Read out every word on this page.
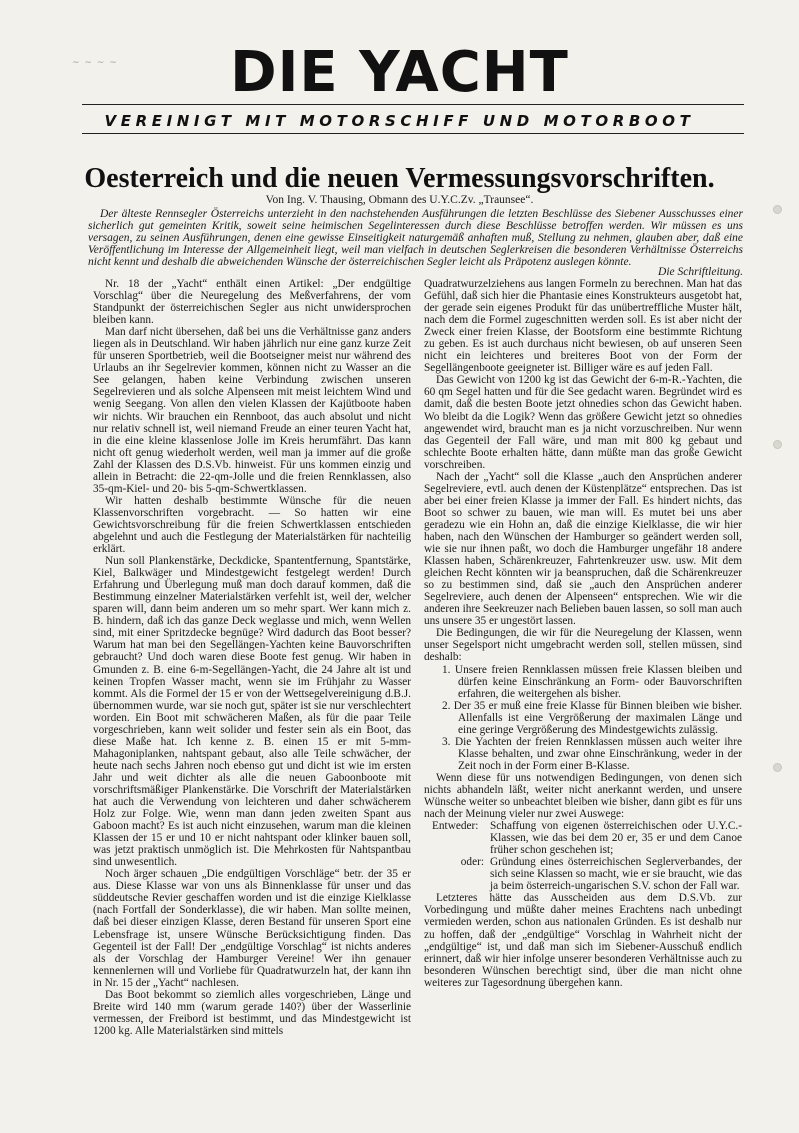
~ ~ ~ ~	DIE YACHT
VEREINIGT MIT MOTORSCHIFF UND MOTORBOOT
Oesterreich und die neuen Vermessungsvorschriften.
Von Ing. V. Thausing, Obmann des U.Y.C.Zv. „Traunsee“.

Der älteste Rennsegler Österreichs unterzieht in den nachstehenden Ausführungen die letzten Beschlüsse des Siebener Ausschusses einer sicherlich gut gemeinten Kritik, soweit seine heimischen Segelinteressen durch diese Beschlüsse betroffen werden. Wir müssen es uns versagen, zu seinen Ausführungen, denen eine gewisse Einseitigkeit naturgemäß anhaften muß, Stellung zu nehmen, glauben aber, daß eine Veröffentlichung im Interesse der Allgemeinheit liegt, weil man vielfach in deutschen Seglerkreisen die besonderen Verhältnisse Österreichs nicht kennt und deshalb die abweichenden Wünsche der österreichischen Segler leicht als Präpotenz auslegen könnte.

Die Schriftleitung.

Nr. 18 der „Yacht“ enthält einen Artikel: „Der endgültige Vorschlag“ über die Neuregelung des Meßverfahrens, der vom Standpunkt der österreichischen Segler aus nicht unwidersprochen bleiben kann.

Man darf nicht übersehen, daß bei uns die Verhältnisse ganz anders liegen als in Deutschland. Wir haben jährlich nur eine ganz kurze Zeit für unseren Sportbetrieb, weil die Bootseigner meist nur während des Urlaubs an ihr Segelrevier kommen, können nicht zu Wasser an die See gelangen, haben keine Verbindung zwischen unseren Segelrevieren und als solche Alpenseen mit meist leichtem Wind und wenig Seegang. Von allen den vielen Klassen der Kajütboote haben wir nichts. Wir brauchen ein Rennboot, das auch absolut und nicht nur relativ schnell ist, weil niemand Freude an einer teuren Yacht hat, in die eine kleine klassenlose Jolle im Kreis herumfährt. Das kann nicht oft genug wiederholt werden, weil man ja immer auf die große Zahl der Klassen des D.S.Vb. hinweist. Für uns kommen einzig und allein in Betracht: die 22-qm-Jolle und die freien Rennklassen, also 35-qm-Kiel- und 20- bis 5-qm-Schwertklassen.

Wir hatten deshalb bestimmte Wünsche für die neuen Klassenvorschriften vorgebracht. — So hatten wir eine Gewichtsvorschreibung für die freien Schwertklassen entschieden abgelehnt und auch die Festlegung der Materialstärken für nachteilig erklärt.

Nun soll Plankenstärke, Deckdicke, Spantentfernung, Spantstärke, Kiel, Balkwäger und Mindestgewicht festgelegt werden! Durch Erfahrung und Überlegung muß man doch darauf kommen, daß die Bestimmung einzelner Materialstärken verfehlt ist, weil der, welcher sparen will, dann beim anderen um so mehr spart. Wer kann mich z. B. hindern, daß ich das ganze Deck weglasse und mich, wenn Wellen sind, mit einer Spritzdecke begnüge? Wird dadurch das Boot besser? Warum hat man bei den Segellängen-Yachten keine Bauvorschriften gebraucht? Und doch waren diese Boote fest genug. Wir haben in Gmunden z. B. eine 6-m-Segellängen-Yacht, die 24 Jahre alt ist und keinen Tropfen Wasser macht, wenn sie im Frühjahr zu Wasser kommt. Als die Formel der 15 er von der Wettsegelvereinigung d.B.J. übernommen wurde, war sie noch gut, später ist sie nur verschlechtert worden. Ein Boot mit schwächeren Maßen, als für die paar Teile vorgeschrieben, kann weit solider und fester sein als ein Boot, das diese Maße hat. Ich kenne z. B. einen 15 er mit 5-mm-Mahagoniplanken, nahtspant gebaut, also alle Teile schwächer, der heute nach sechs Jahren noch ebenso gut und dicht ist wie im ersten Jahr und weit dichter als alle die neuen Gaboonboote mit vorschriftsmäßiger Plankenstärke. Die Vorschrift der Materialstärken hat auch die Verwendung von leichteren und daher schwächerem Holz zur Folge. Wie, wenn man dann jeden zweiten Spant aus Gaboon macht? Es ist auch nicht einzusehen, warum man die kleinen Klassen der 15 er und 10 er nicht nahtspant oder klinker bauen soll, was jetzt praktisch unmöglich ist. Die Mehrkosten für Nahtspantbau sind unwesentlich.

Noch ärger schauen „Die endgültigen Vorschläge“ betr. der 35 er aus. Diese Klasse war von uns als Binnenklasse für unser und das süddeutsche Revier geschaffen worden und ist die einzige Kielklasse (nach Fortfall der Sonderklasse), die wir haben. Man sollte meinen, daß bei dieser einzigen Klasse, deren Bestand für unseren Sport eine Lebensfrage ist, unsere Wünsche Berücksichtigung finden. Das Gegenteil ist der Fall! Der „endgültige Vorschlag“ ist nichts anderes als der Vorschlag der Hamburger Vereine! Wer ihn genauer kennenlernen will und Vorliebe für Quadratwurzeln hat, der kann ihn in Nr. 15 der „Yacht“ nachlesen.

Das Boot bekommt so ziemlich alles vorgeschrieben, Länge und Breite wird 140 mm (warum gerade 140?) über der Wasserlinie vermessen, der Freibord ist bestimmt, und das Mindestgewicht ist 1200 kg. Alle Materialstärken sind mittels

Quadratwurzelziehens aus langen Formeln zu berechnen. Man hat das Gefühl, daß sich hier die Phantasie eines Konstrukteurs ausgetobt hat, der gerade sein eigenes Produkt für das unübertreffliche Muster hält, nach dem die Formel zugeschnitten werden soll. Es ist aber nicht der Zweck einer freien Klasse, der Bootsform eine bestimmte Richtung zu geben. Es ist auch durchaus nicht bewiesen, ob auf unseren Seen nicht ein leichteres und breiteres Boot von der Form der Segellängenboote geeigneter ist. Billiger wäre es auf jeden Fall.

Das Gewicht von 1200 kg ist das Gewicht der 6-m-R.-Yachten, die 60 qm Segel hatten und für die See gedacht waren. Begründet wird es damit, daß die besten Boote jetzt ohnedies schon das Gewicht haben. Wo bleibt da die Logik? Wenn das größere Gewicht jetzt so ohnedies angewendet wird, braucht man es ja nicht vorzuschreiben. Nur wenn das Gegenteil der Fall wäre, und man mit 800 kg gebaut und schlechte Boote erhalten hätte, dann müßte man das große Gewicht vorschreiben.

Nach der „Yacht“ soll die Klasse „auch den Ansprüchen anderer Segelreviere, evtl. auch denen der Küstenplätze“ entsprechen. Das ist aber bei einer freien Klasse ja immer der Fall. Es hindert nichts, das Boot so schwer zu bauen, wie man will. Es mutet bei uns aber geradezu wie ein Hohn an, daß die einzige Kielklasse, die wir hier haben, nach den Wünschen der Hamburger so geändert werden soll, wie sie nur ihnen paßt, wo doch die Hamburger ungefähr 18 andere Klassen haben, Schärenkreuzer, Fahrtenkreuzer usw. usw. Mit dem gleichen Recht könnten wir ja beanspruchen, daß die Schärenkreuzer so zu bestimmen sind, daß sie „auch den Ansprüchen anderer Segelreviere, auch denen der Alpenseen“ entsprechen. Wie wir die anderen ihre Seekreuzer nach Belieben bauen lassen, so soll man auch uns unsere 35 er ungestört lassen.

Die Bedingungen, die wir für die Neuregelung der Klassen, wenn unser Segelsport nicht umgebracht werden soll, stellen müssen, sind deshalb:

1. Unsere freien Rennklassen müssen freie Klassen bleiben und dürfen keine Einschränkung an Form- oder Bauvorschriften erfahren, die weitergehen als bisher.
2. Der 35 er muß eine freie Klasse für Binnen bleiben wie bisher. Allenfalls ist eine Vergrößerung der maximalen Länge und eine geringe Vergrößerung des Mindestgewichts zulässig.
3. Die Yachten der freien Rennklassen müssen auch weiter ihre Klasse behalten, und zwar ohne Einschränkung, weder in der Zeit noch in der Form einer B-Klasse.

Wenn diese für uns notwendigen Bedingungen, von denen sich nichts abhandeln läßt, weiter nicht anerkannt werden, und unsere Wünsche weiter so unbeachtet bleiben wie bisher, dann gibt es für uns nach der Meinung vieler nur zwei Auswege:

Entweder:	Schaffung von eigenen österreichischen oder U.Y.C.-Klassen, wie das bei dem 20 er, 35 er und dem Canoe früher schon geschehen ist;
oder: Gründung eines österreichischen Seglerverbandes, der sich seine Klassen so macht, wie er sie braucht, wie das ja beim österreich-ungarischen S.V. schon der Fall war.

Letzteres hätte das Ausscheiden aus dem D.S.Vb. zur Vorbedingung und müßte daher meines Erachtens nach unbedingt vermieden werden, schon aus nationalen Gründen. Es ist deshalb nur zu hoffen, daß der „endgültige“ Vorschlag in Wahrheit nicht der „endgültige“ ist, und daß man sich im Siebener-Ausschuß endlich erinnert, daß wir hier infolge unserer besonderen Verhältnisse auch zu besonderen Wünschen berechtigt sind, über die man nicht ohne weiteres zur Tagesordnung übergehen kann.
